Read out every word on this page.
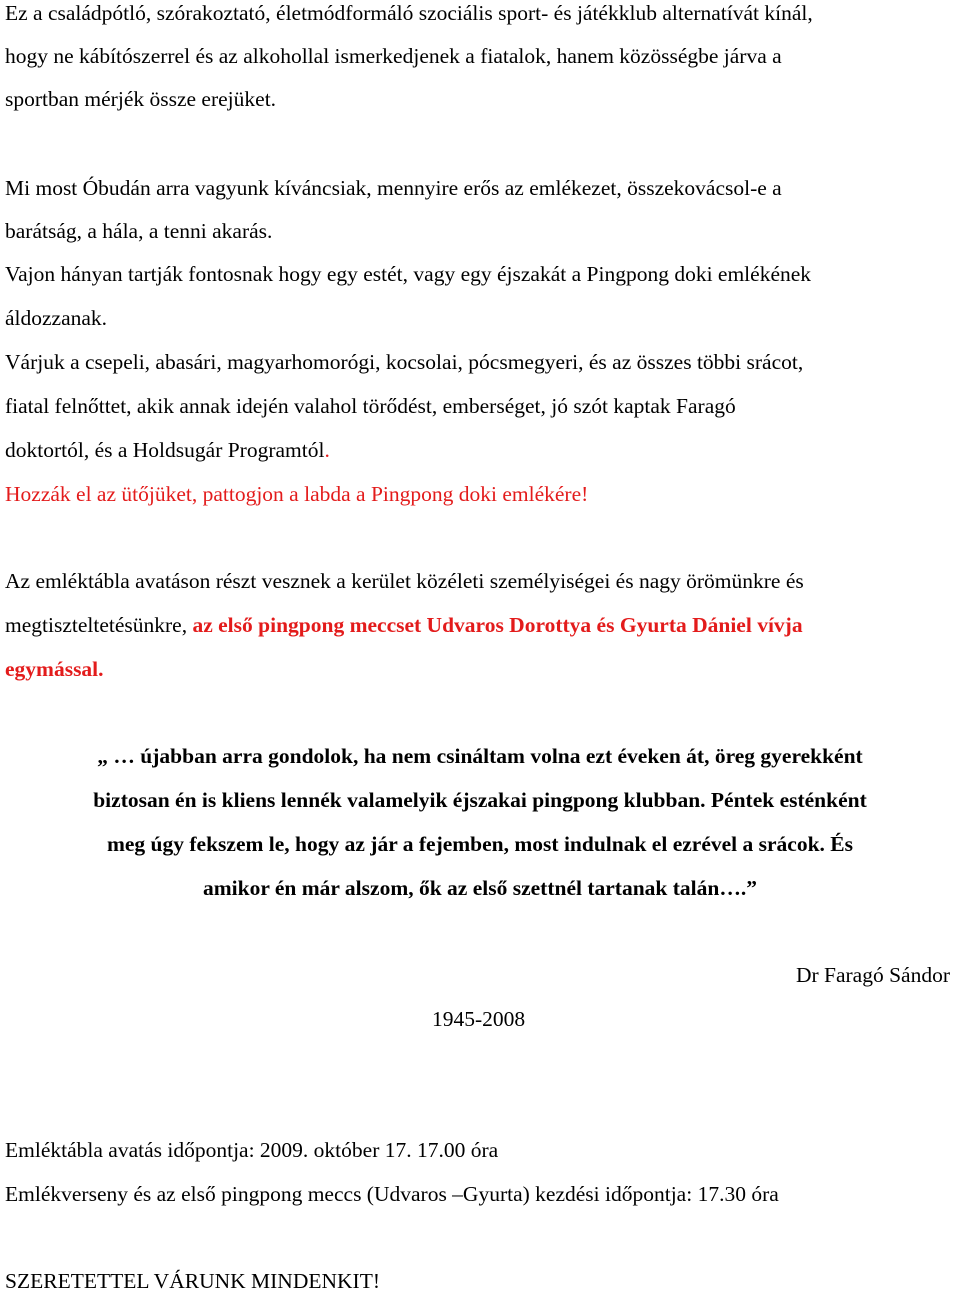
Ez a családpótló, szórakoztató, életmódformáló szociális sport- és játékklub alternatívát kínál,
hogy ne kábítószerrel és az alkohollal ismerkedjenek a fiatalok, hanem közösségbe járva a
sportban mérjék össze erejüket.
Mi most Óbudán arra vagyunk kíváncsiak, mennyire erős az emlékezet, összekovácsol-e a
barátság, a hála, a tenni akarás.
Vajon hányan tartják fontosnak hogy egy estét, vagy egy éjszakát a Pingpong doki emlékének
áldozzanak.
Várjuk a csepeli, abasári, magyarhomorógi, kocsolai, pócsmegyeri, és az összes többi srácot,
fiatal felnőttet, akik annak idején valahol törődést, emberséget, jó szót kaptak Faragó
doktortól, és a Holdsugár Programtól.
Hozzák el az ütőjüket, pattogjon a labda a Pingpong doki emlékére!
Az emléktábla avatáson részt vesznek a kerület közéleti személyiségei és nagy örömünkre és
megtiszteltetésünkre, az első pingpong meccset Udvaros Dorottya és Gyurta Dániel vívja
egymással.
„ … újabban arra gondolok, ha nem csináltam volna ezt éveken át, öreg gyerekként
biztosan én is kliens lennék valamelyik éjszakai pingpong klubban. Péntek esténként
meg úgy fekszem le, hogy az jár a fejemben, most indulnak el ezrével a srácok. És
amikor én már alszom, ők az első szettnél tartanak talán….”
Dr Faragó Sándor
1945-2008
Emléktábla avatás időpontja: 2009. október 17. 17.00 óra
Emlékverseny és az első pingpong meccs (Udvaros –Gyurta) kezdési időpontja: 17.30 óra
SZERETETTEL VÁRUNK MINDENKIT!
